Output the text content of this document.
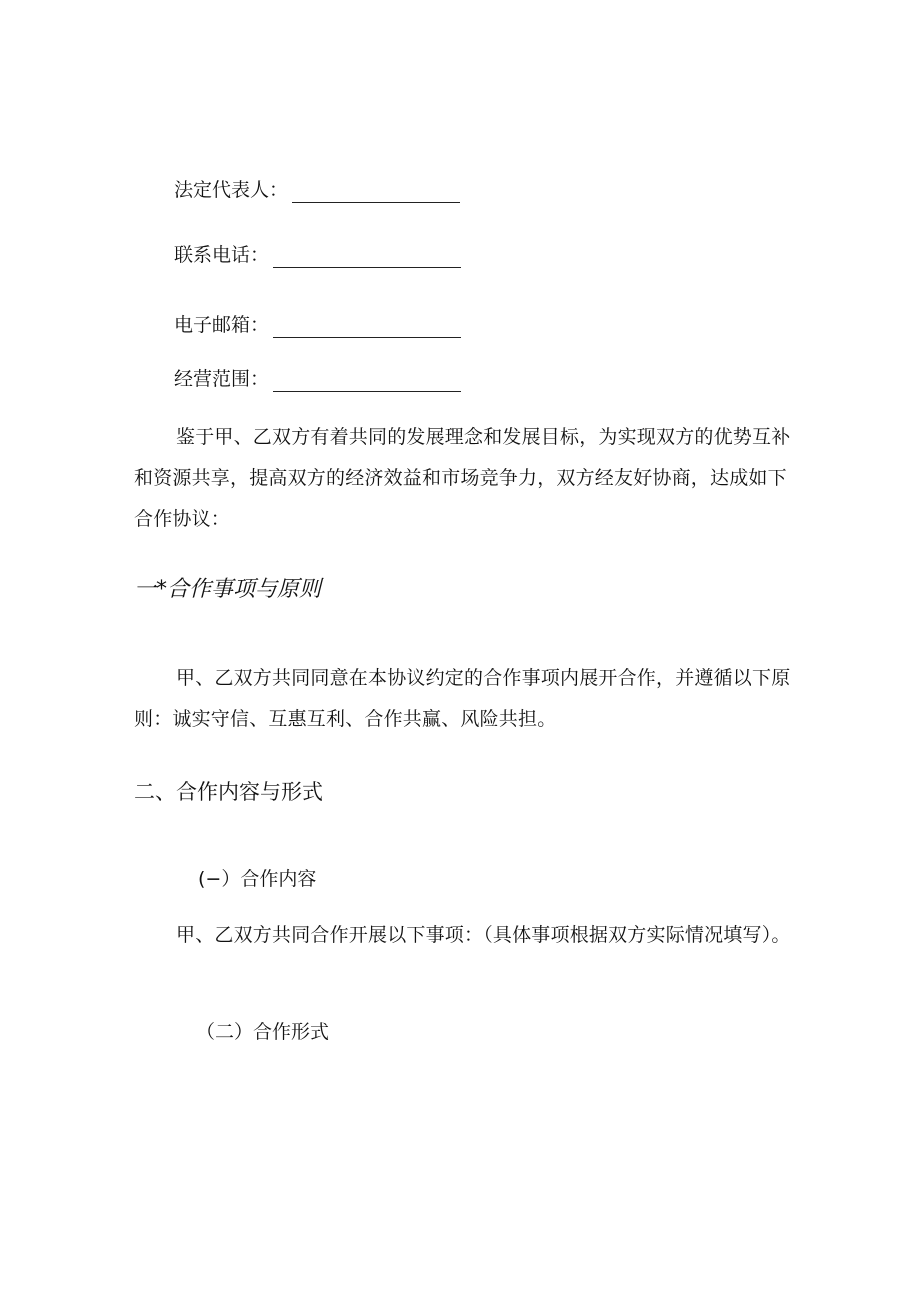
法定代表人：
联系电话：
电子邮箱：
经营范围：

鉴于甲、乙双方有着共同的发展理念和发展目标，为实现双方的优势互补和资源共享，提高双方的经济效益和市场竞争力，双方经友好协商，达成如下合作协议：

一*合作事项与原则

甲、乙双方共同同意在本协议约定的合作事项内展开合作，并遵循以下原则：诚实守信、互惠互利、合作共赢、风险共担。

二、合作内容与形式

(−）合作内容

甲、乙双方共同合作开展以下事项：（具体事项根据双方实际情况填写）。

（二）合作形式
